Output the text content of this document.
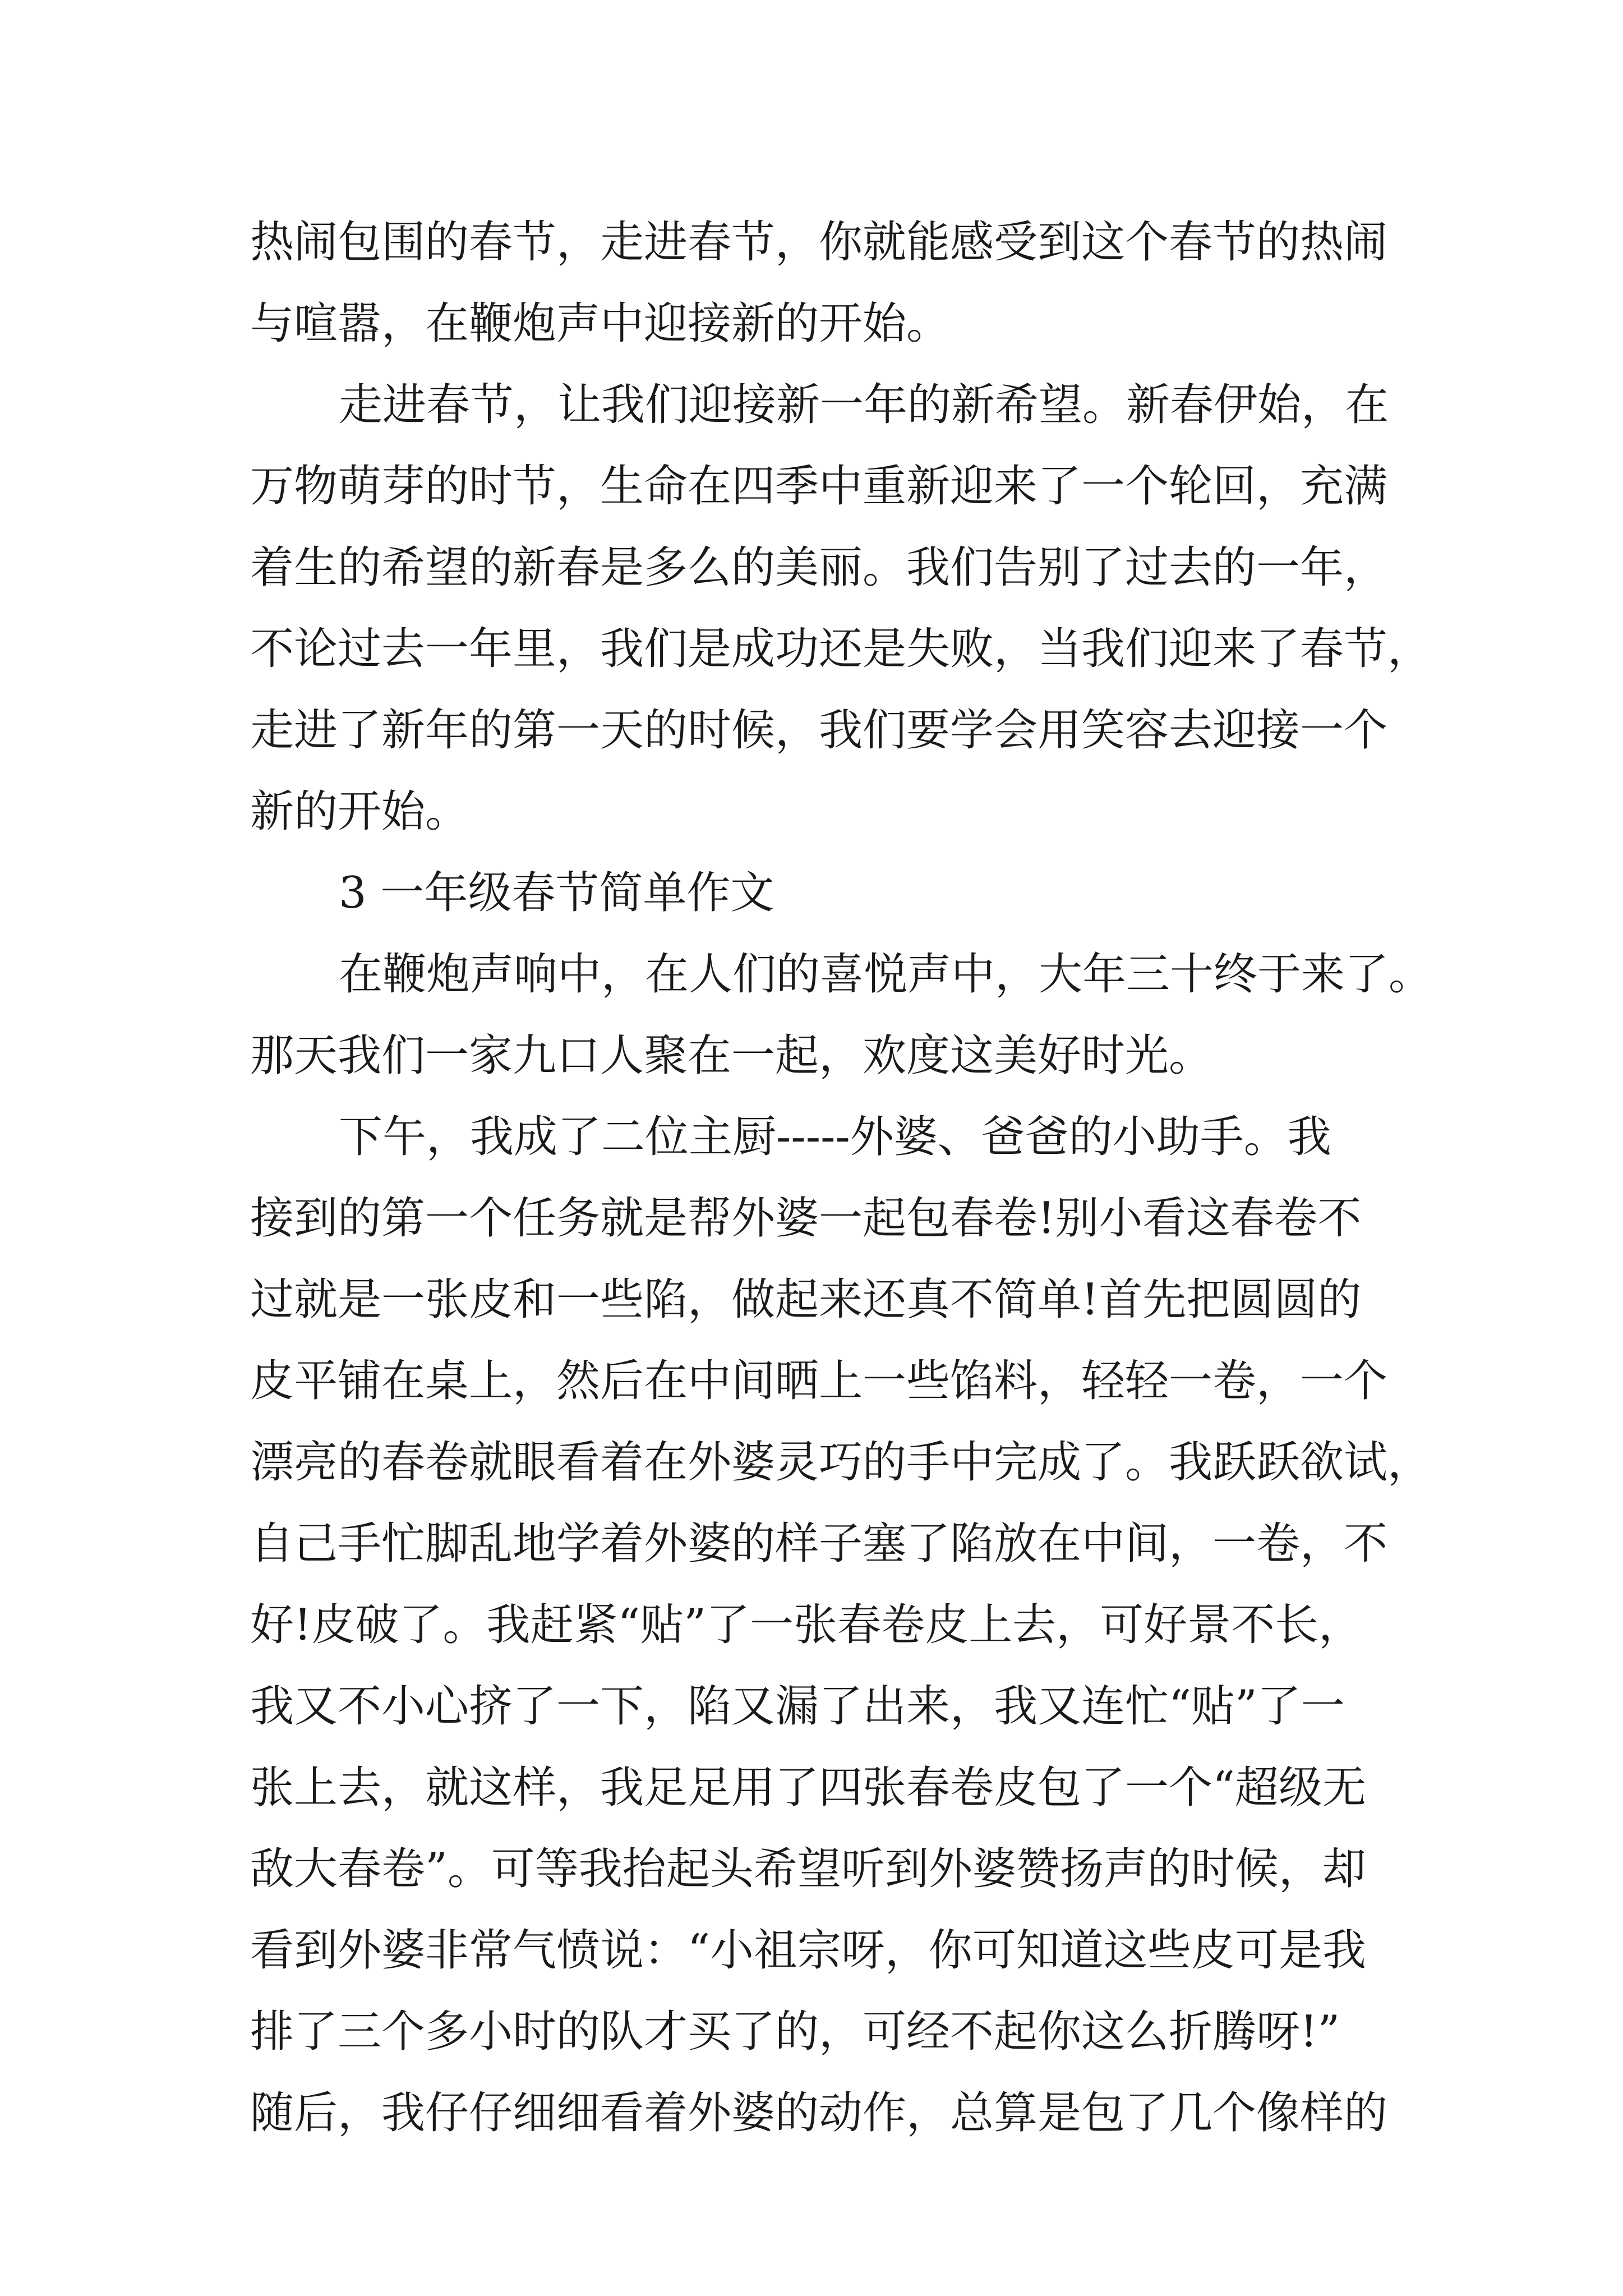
热闹包围的春节，走进春节，你就能感受到这个春节的热闹
与喧嚣，在鞭炮声中迎接新的开始。
走进春节，让我们迎接新一年的新希望。新春伊始，在
万物萌芽的时节，生命在四季中重新迎来了一个轮回，充满
着生的希望的新春是多么的美丽。我们告别了过去的一年，
不论过去一年里，我们是成功还是失败，当我们迎来了春节，
走进了新年的第一天的时候，我们要学会用笑容去迎接一个
新的开始。
3 一年级春节简单作文
在鞭炮声响中，在人们的喜悦声中，大年三十终于来了。
那天我们一家九口人聚在一起，欢度这美好时光。
下午，我成了二位主厨-----外婆、爸爸的小助手。我
接到的第一个任务就是帮外婆一起包春卷!别小看这春卷不
过就是一张皮和一些陷，做起来还真不简单!首先把圆圆的
皮平铺在桌上，然后在中间晒上一些馅料，轻轻一卷，一个
漂亮的春卷就眼看着在外婆灵巧的手中完成了。我跃跃欲试，
自己手忙脚乱地学着外婆的样子塞了陷放在中间，一卷，不
好!皮破了。我赶紧“贴”了一张春卷皮上去，可好景不长，
我又不小心挤了一下，陷又漏了出来，我又连忙“贴”了一
张上去，就这样，我足足用了四张春卷皮包了一个“超级无
敌大春卷”。可等我抬起头希望听到外婆赞扬声的时候，却
看到外婆非常气愤说：“小祖宗呀，你可知道这些皮可是我
排了三个多小时的队才买了的，可经不起你这么折腾呀!”
随后，我仔仔细细看着外婆的动作，总算是包了几个像样的
